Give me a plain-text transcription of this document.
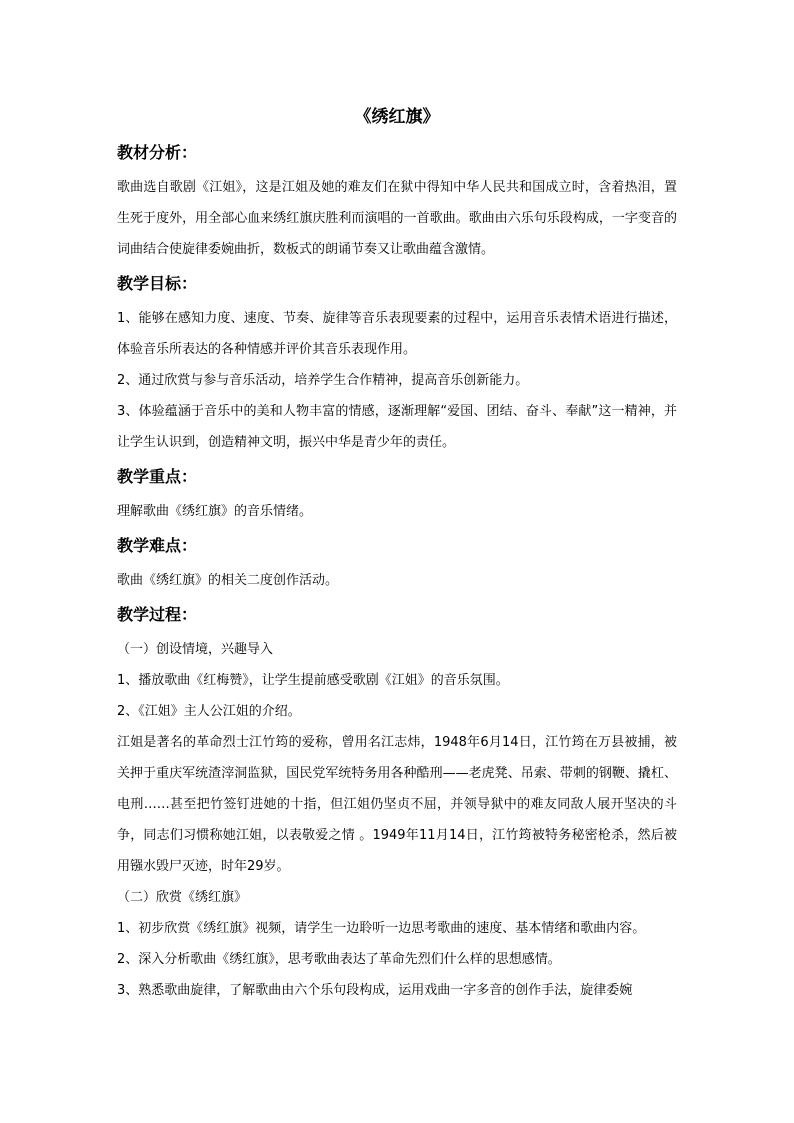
《绣红旗》
教材分析：

歌曲选自歌剧《江姐》，这是江姐及她的难友们在狱中得知中华人民共和国成立时，含着热泪，置生死于度外，用全部心血来绣红旗庆胜利而演唱的一首歌曲。歌曲由六乐句乐段构成，一字变音的词曲结合使旋律委婉曲折，数板式的朗诵节奏又让歌曲蕴含激情。

教学目标：

1、能够在感知力度、速度、节奏、旋律等音乐表现要素的过程中，运用音乐表情术语进行描述，体验音乐所表达的各种情感并评价其音乐表现作用。

2、通过欣赏与参与音乐活动，培养学生合作精神，提高音乐创新能力。

3、体验蕴涵于音乐中的美和人物丰富的情感，逐渐理解“爱国、团结、奋斗、奉献”这一精神，并让学生认识到，创造精神文明，振兴中华是青少年的责任。

教学重点：

理解歌曲《绣红旗》的音乐情绪。

教学难点：

歌曲《绣红旗》的相关二度创作活动。

教学过程：

（一）创设情境，兴趣导入

1、播放歌曲《红梅赞》，让学生提前感受歌剧《江姐》的音乐氛围。

2、《江姐》主人公江姐的介绍。

江姐是著名的革命烈士江竹筠的爱称，曾用名江志炜，1948年6月14日，江竹筠在万县被捕，被关押于重庆军统渣滓洞监狱，国民党军统特务用各种酷刑——老虎凳、吊索、带刺的钢鞭、撬杠、电刑……甚至把竹签钉进她的十指，但江姐仍坚贞不屈，并领导狱中的难友同敌人展开坚决的斗争，同志们习惯称她江姐，以表敬爱之情 。1949年11月14日，江竹筠被特务秘密枪杀，然后被用镪水毁尸灭迹，时年29岁。

（二）欣赏《绣红旗》

1、初步欣赏《绣红旗》视频，请学生一边聆听一边思考歌曲的速度、基本情绪和歌曲内容。

2、深入分析歌曲《绣红旗》，思考歌曲表达了革命先烈们什么样的思想感情。

3、熟悉歌曲旋律，了解歌曲由六个乐句段构成，运用戏曲一字多音的创作手法，旋律委婉
